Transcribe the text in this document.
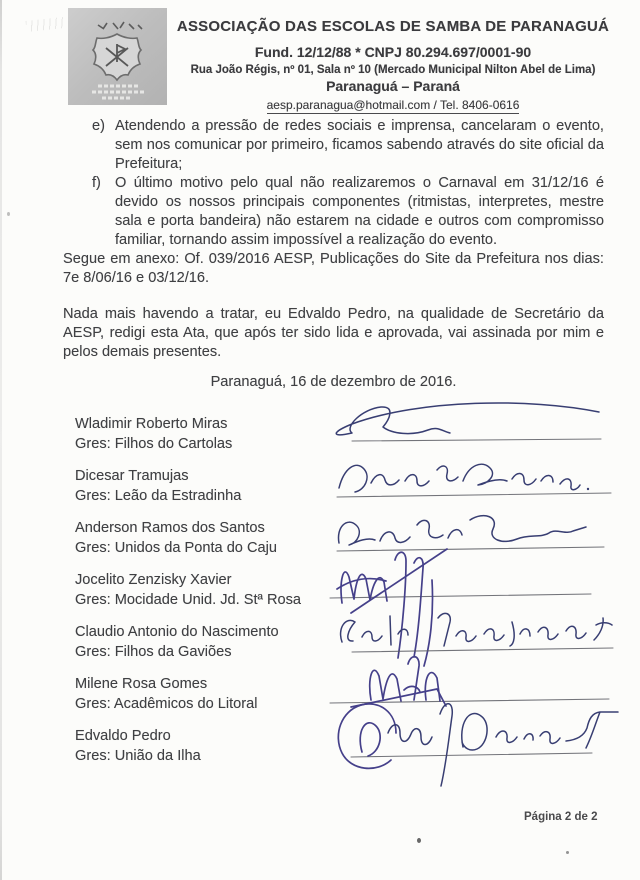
ASSOCIAÇÃO DAS ESCOLAS DE SAMBA DE PARANAGUÁ
Fund. 12/12/88 * CNPJ 80.294.697/0001-90
Rua João Régis, nº 01, Sala nº 10 (Mercado Municipal Nilton Abel de Lima)
Paranaguá – Paraná
aesp.paranagua@hotmail.com / Tel. 8406-0616
e) Atendendo a pressão de redes sociais e imprensa, cancelaram o evento, sem nos comunicar por primeiro, ficamos sabendo através do site oficial da Prefeitura;
f) O último motivo pelo qual não realizaremos o Carnaval em 31/12/16 é devido os nossos principais componentes (ritmistas, interpretes, mestre sala e porta bandeira) não estarem na cidade e outros com compromisso familiar, tornando assim impossível a realização do evento.
Segue em anexo: Of. 039/2016 AESP, Publicações do Site da Prefeitura nos dias: 7e 8/06/16 e 03/12/16.
Nada mais havendo a tratar, eu Edvaldo Pedro, na qualidade de Secretário da AESP, redigi esta Ata, que após ter sido lida e aprovada, vai assinada por mim e pelos demais presentes.
Paranaguá, 16 de dezembro de 2016.
Wladimir Roberto Miras
Gres: Filhos do Cartolas
Dicesar Tramujas
Gres: Leão da Estradinha
Anderson Ramos dos Santos
Gres: Unidos da Ponta do Caju
Jocelito Zenzisky Xavier
Gres: Mocidade Unid. Jd. Stª Rosa
Claudio Antonio do Nascimento
Gres: Filhos da Gaviões
Milene Rosa Gomes
Gres: Acadêmicos do Litoral
Edvaldo Pedro
Gres: União da Ilha
Página 2 de 2
